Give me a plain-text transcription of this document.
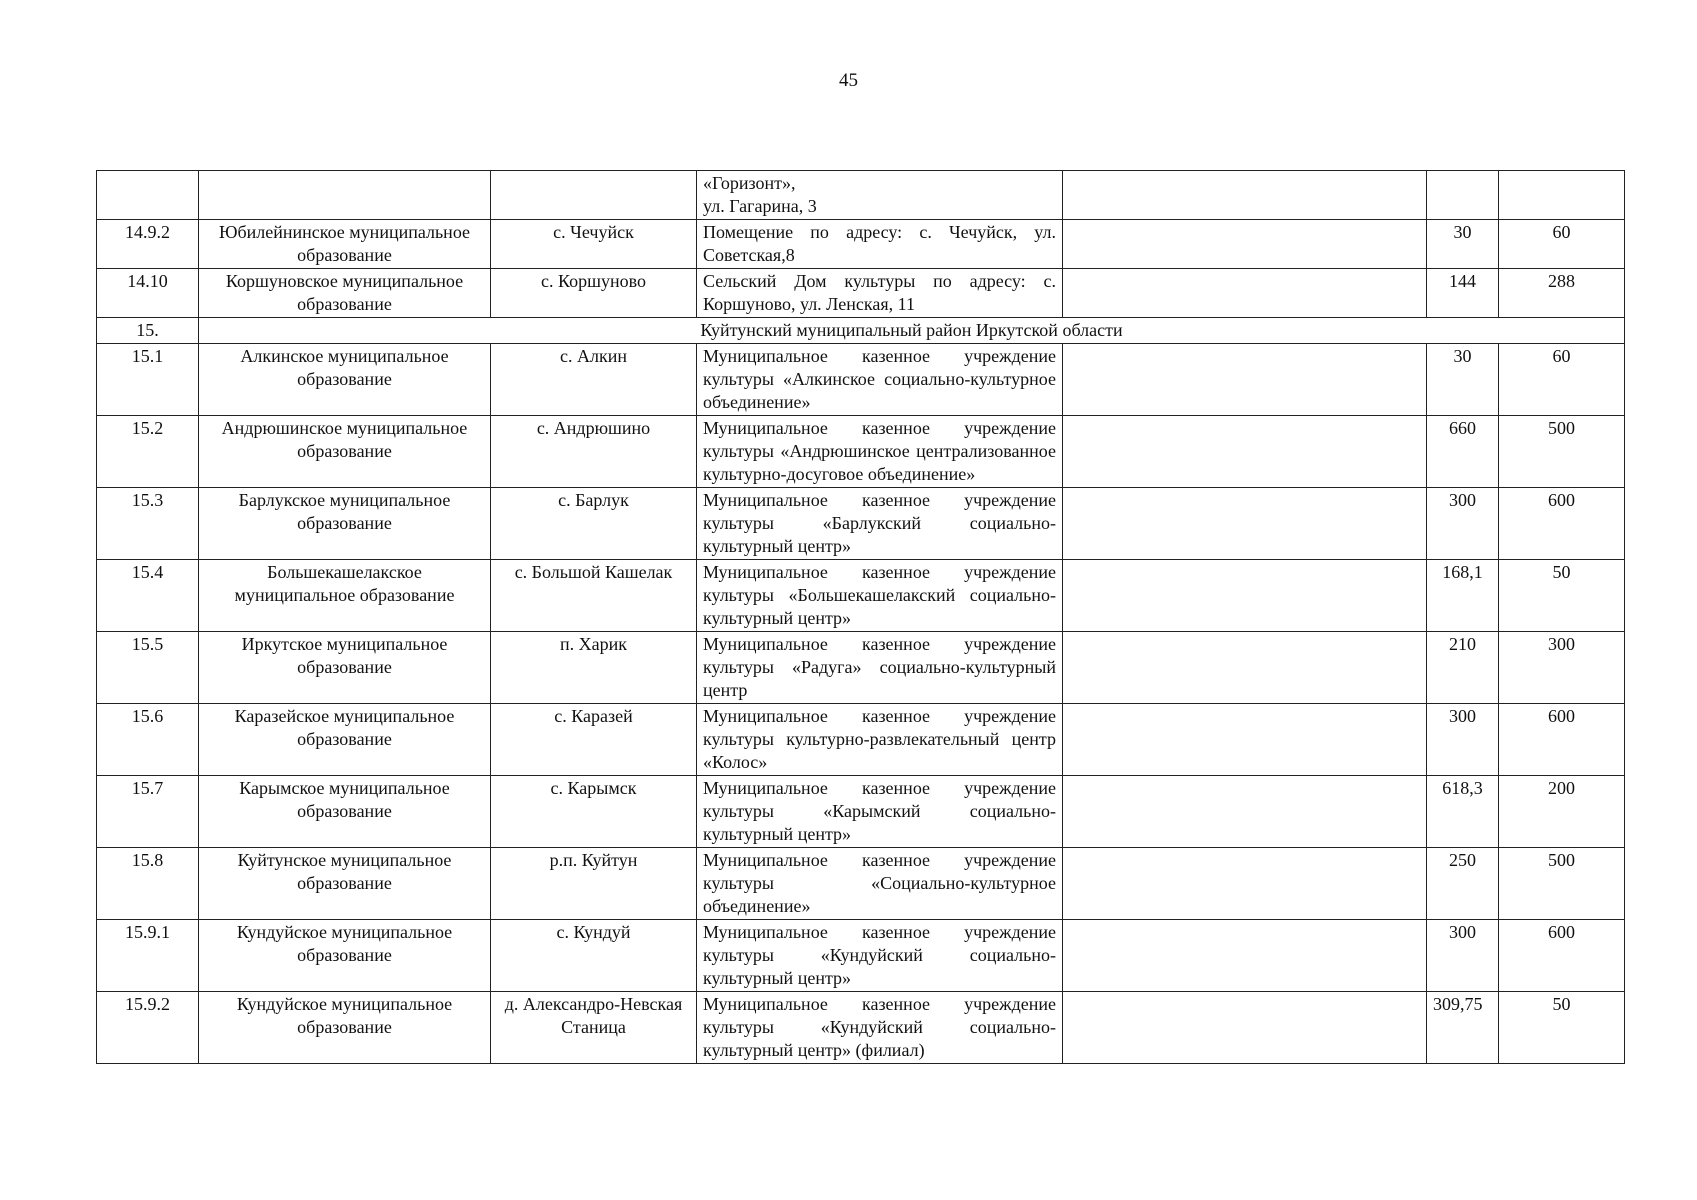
45

			«Горизонт»,
ул. Гагарина, 3			

14.9.2	Юбилейнинское муниципальное образование	с. Чечуйск	Помещение по адресу: с. Чечуйск, ул. Советская,8		30	60
14.10	Коршуновское муниципальное образование	с. Коршуново	Сельский Дом культуры по адресу: с. Коршуново, ул. Ленская, 11		144	288
15.	Куйтунский муниципальный район Иркутской области					
15.1	Алкинское муниципальное образование	с. Алкин	Муниципальное казенное учреждение культуры «Алкинское социально-культурное объединение»		30	60
15.2	Андрюшинское муниципальное образование	с. Андрюшино	Муниципальное казенное учреждение культуры «Андрюшинское централизованное культурно-досуговое объединение»		660	500
15.3	Барлукское муниципальное образование	с. Барлук	Муниципальное казенное учреждение культуры «Барлукский социально-культурный центр»		300	600
15.4	Большекашелакское муниципальное образование	с. Большой Кашелак	Муниципальное казенное учреждение культуры «Большекашелакский социально-культурный центр»		168,1	50
15.5	Иркутское муниципальное образование	п. Харик	Муниципальное казенное учреждение культуры «Радуга» социально-культурный центр		210	300
15.6	Каразейское муниципальное образование	с. Каразей	Муниципальное казенное учреждение культуры культурно-развлекательный центр «Колос»		300	600
15.7	Карымское муниципальное образование	с. Карымск	Муниципальное казенное учреждение культуры «Карымский социально-культурный центр»		618,3	200
15.8	Куйтунское муниципальное образование	р.п. Куйтун	Муниципальное казенное учреждение культуры «Социально-культурное объединение»		250	500
15.9.1	Кундуйское муниципальное образование	с. Кундуй	Муниципальное казенное учреждение культуры «Кундуйский социально-культурный центр»		300	600
15.9.2	Кундуйское муниципальное образование	д. Александро-Невская Станица	Муниципальное казенное учреждение культуры «Кундуйский социально-культурный центр» (филиал)		309,75	50
